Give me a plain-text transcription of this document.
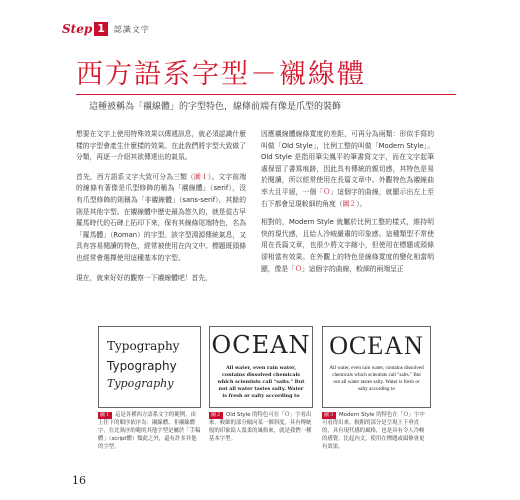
Step 1	認識文字
西方語系字型－襯線體
這種被稱為「襯線體」的字型特色，線條前端有像是爪型的裝飾

想要在文字上使用特殊效果以傳遞訊息，就必須認識什麼樣的字型會產生什麼樣的效果。在此我們將字型大致做了分類，再逐一介紹其欲傳達出的氣氛。

首先，西方語系文字大致可分為三類（圖１）。文字前端的線條有著像是爪型修飾的稱為「襯線體」（serif），沒有爪型修飾的則稱為「非襯線體」（sans-serif），其餘的則是其他字型。在襯線體中歷史最為悠久的，就是從古早羅馬時代的石碑上拓印下來，保有其線條尾端特色，名為「羅馬體」（Roman）的字型。該字型淵源傳統氣息，又具有容易閱讀的特色，經常被使用在內文中。標題既頭條也經常會選擇使用這種基本的字型。

現在，就來好好的觀察一下襯線體吧！首先，

因應襯線體線條寬度的差距，可再分為兩類：形似手寫的叫做「Old Style」，比例工整的叫做「Modern Style」。Old Style 是指用筆尖鳳平的筆書寫文字，而在文字起筆處保留了書寫痕跡，因此具有傳統的親切感，其特色是易於閱讀，所以經常使用在長篇文章中。外觀特色為襯線曲率大且平緩，一個「Ｏ」這個字的曲線，就顯示出左上至右下都會呈現較細的角度（圖２）。

相對的，Modern Style 就屬於比例工整的樣式，維持明快的現代感，且給人冷峻嚴肅的印象感。這種類型不常使用在長篇文章，也很少將文字縮小，但使用在標題或頭條卻相當有效果。在外觀上的特色是線條寬度的變化相當明顯，像是「Ｏ」這個字的曲線，較細的兩端呈正

Typography
Typography
Typography
OCEAN
All water, even rain water, contains dissolved chemicals which scientists call "salts." But not all water tastes salty. Water is fresh or salty according to
OCEAN
All water, even rain water, contains dissolved chemicals which scientists call "salts." But not all water tastes salty. Water is fresh or salty according to
圖１ 這是各種西方語系文字的範例，由上往下的順序依序為：襯線體、非襯線體字，在比執序的範的其他字型是屬於「手稿體」（script體）類此之外，還有許多其他的字型。
圖２ Old Style 的特色可在「Ｏ」字看出來。較細的部分傾向某一個斜度，具有傳統般的印象給人溫柔的風格來，就是我們一種基本字型。
圖３ Modern Style 的特色在「Ｏ」字中可看得出來。較粗的部分是呈現上下垂直的，具有現代感的風格，也是具有令人冷峻的感覺，比起內文，使用在標題或頭條會更有效果。
16
